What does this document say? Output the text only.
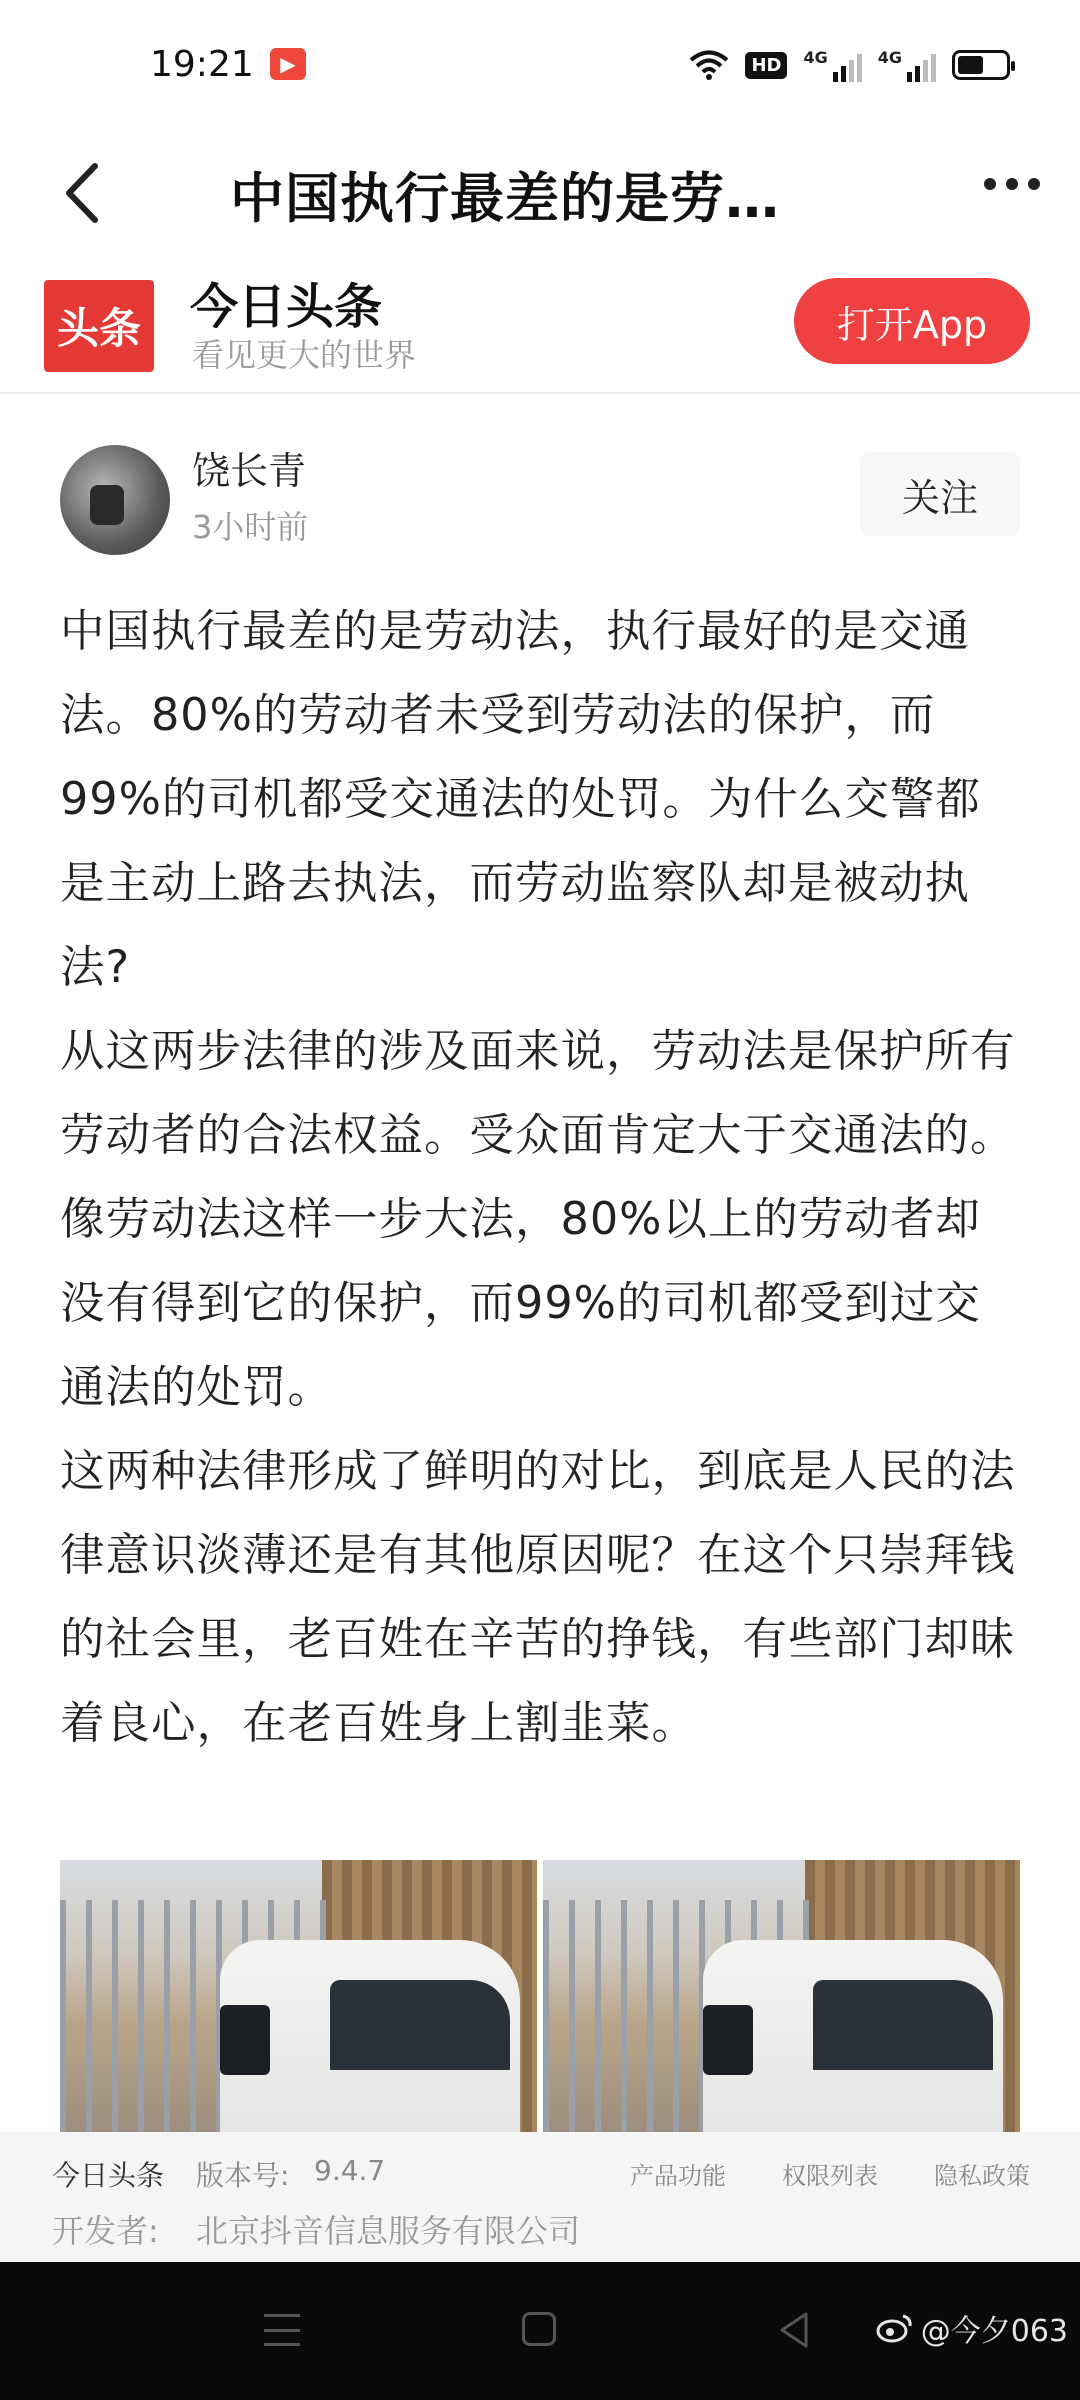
19:21	▶	HD	4G	4G
中国执行最差的是劳…
头条 今日头条
看见更大的世界
打开App
饶长青
3小时前
关注

中国执行最差的是劳动法，执行最好的是交通法。80%的劳动者未受到劳动法的保护，而99%的司机都受交通法的处罚。为什么交警都是主动上路去执法，而劳动监察队却是被动执法?

从这两步法律的涉及面来说，劳动法是保护所有劳动者的合法权益。受众面肯定大于交通法的。像劳动法这样一步大法，80%以上的劳动者却没有得到它的保护，而99%的司机都受到过交通法的处罚。

这两种法律形成了鲜明的对比，到底是人民的法律意识淡薄还是有其他原因呢？在这个只崇拜钱的社会里，老百姓在辛苦的挣钱，有些部门却昧着良心，在老百姓身上割韭菜。

今日头条 版本号: 9.4.7	产品功能 权限列表 隐私政策
开发者: 北京抖音信息服务有限公司
@今夕063
